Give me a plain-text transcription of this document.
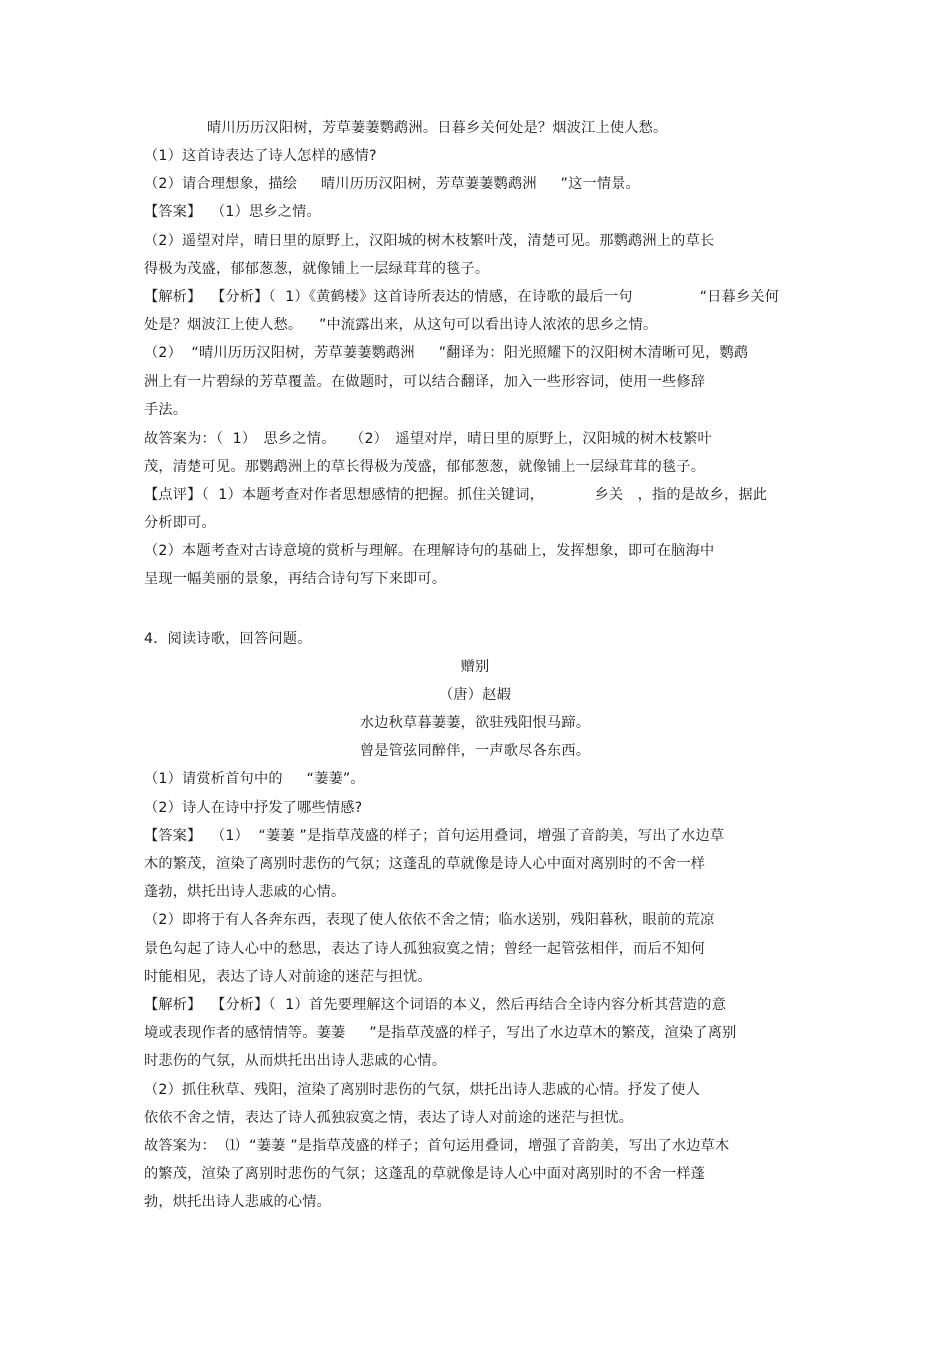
晴川历历汉阳树，芳草萋萋鹦鹉洲。日暮乡关何处是？烟波江上使人愁。
（1）这首诗表达了诗人怎样的感情?
（2）请合理想象，描绘　  晴川历历汉阳树，芳草萋萋鹦鹉洲　  ”这一情景。
【答案】  （1）思乡之情。
（2）遥望对岸，晴日里的原野上，汉阳城的树木枝繁叶茂，清楚可见。那鹦鹉洲上的草长
得极为茂盛，郁郁葱葱，就像铺上一层绿茸茸的毯子。
【解析】  【分析】（  1）《黄鹤楼》这首诗所表达的情感，在诗歌的最后一句　　　　  “日暮乡关何
处是？烟波江上使人愁。　  ”中流露出来，从这句可以看出诗人浓浓的思乡之情。
（2）  “晴川历历汉阳树，芳草萋萋鹦鹉洲　  ”翻译为：阳光照耀下的汉阳树木清晰可见，鹦鹉
洲上有一片碧绿的芳草覆盖。在做题时，可以结合翻译，加入一些形容词，使用一些修辞
手法。
故答案为：（  1）　思乡之情。　　（2）　遥望对岸，晴日里的原野上，汉阳城的树木枝繁叶
茂，清楚可见。那鹦鹉洲上的草长得极为茂盛，郁郁葱葱，就像铺上一层绿茸茸的毯子。
【点评】（  1）本题考查对作者思想感情的把握。抓住关键词，　　　　乡关　，指的是故乡，据此
分析即可。
（2）本题考查对古诗意境的赏析与理解。在理解诗句的基础上，发挥想象，即可在脑海中
呈现一幅美丽的景象，再结合诗句写下来即可。
4．阅读诗歌，回答问题。
赠别
（唐）赵嘏
水边秋草暮萋萋，欲驻残阳恨马蹄。
曾是管弦同醉伴，一声歌尽各东西。
（1）请赏析首句中的　  “萋萋”。
（2）诗人在诗中抒发了哪些情感?
【答案】  （1）  “萋萋 ”是指草茂盛的样子；首句运用叠词，增强了音韵美，写出了水边草
木的繁茂，渲染了离别时悲伤的气氛；这蓬乱的草就像是诗人心中面对离别时的不舍一样
蓬勃，烘托出诗人悲戚的心情。
（2）即将于有人各奔东西，表现了使人依依不舍之情；临水送别，残阳暮秋，眼前的荒凉
景色勾起了诗人心中的愁思，表达了诗人孤独寂寞之情；曾经一起管弦相伴，而后不知何
时能相见，表达了诗人对前途的迷茫与担忧。
【解析】  【分析】（  1）首先要理解这个词语的本义，然后再结合全诗内容分析其营造的意
境或表现作者的感情情等。萋萋　  ”是指草茂盛的样子，写出了水边草木的繁茂，渲染了离别
时悲伤的气氛，从而烘托出出诗人悲戚的心情。
（2）抓住秋草、残阳，渲染了离别时悲伤的气氛，烘托出诗人悲戚的心情。抒发了使人
依依不舍之情，表达了诗人孤独寂寞之情，表达了诗人对前途的迷茫与担忧。
故答案为：  ⑴  “萋萋 ”是指草茂盛的样子；首句运用叠词，增强了音韵美，写出了水边草木
的繁茂，渲染了离别时悲伤的气氛；这蓬乱的草就像是诗人心中面对离别时的不舍一样蓬
勃，烘托出诗人悲戚的心情。
